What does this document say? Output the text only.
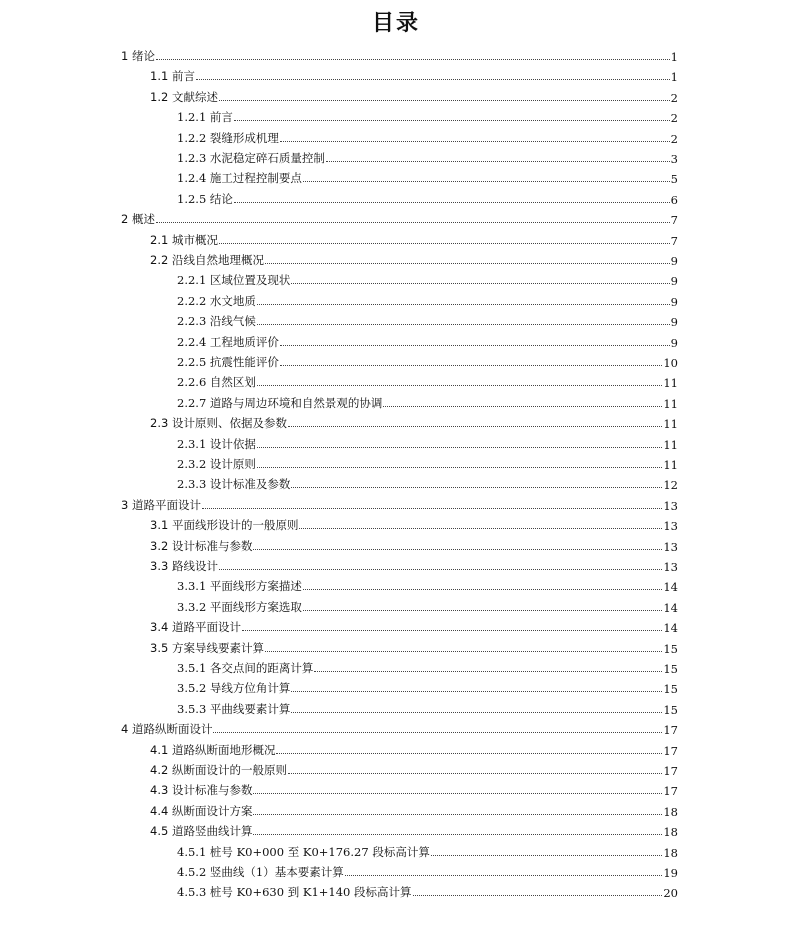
目录
1 绪论	1
1.1 前言	1
1.2 文献综述	2
1.2.1 前言	2
1.2.2 裂缝形成机理	2
1.2.3 水泥稳定碎石质量控制	3
1.2.4 施工过程控制要点	5
1.2.5 结论	6
2 概述	7
2.1 城市概况	7
2.2 沿线自然地理概况	9
2.2.1 区域位置及现状	9
2.2.2 水文地质	9
2.2.3 沿线气候	9
2.2.4 工程地质评价	9
2.2.5 抗震性能评价	10
2.2.6 自然区划	11
2.2.7 道路与周边环境和自然景观的协调	11
2.3 设计原则、依据及参数	11
2.3.1 设计依据	11
2.3.2 设计原则	11
2.3.3 设计标准及参数	12
3 道路平面设计	13
3.1 平面线形设计的一般原则	13
3.2 设计标准与参数	13
3.3 路线设计	13
3.3.1 平面线形方案描述	14
3.3.2 平面线形方案选取	14
3.4 道路平面设计	14
3.5 方案导线要素计算	15
3.5.1 各交点间的距离计算	15
3.5.2 导线方位角计算	15
3.5.3 平曲线要素计算	15
4 道路纵断面设计	17
4.1 道路纵断面地形概况	17
4.2 纵断面设计的一般原则	17
4.3 设计标准与参数	17
4.4 纵断面设计方案	18
4.5 道路竖曲线计算	18
4.5.1 桩号 K0+000 至 K0+176.27 段标高计算	18
4.5.2 竖曲线（1）基本要素计算	19
4.5.3 桩号 K0+630 到 K1+140 段标高计算	20
